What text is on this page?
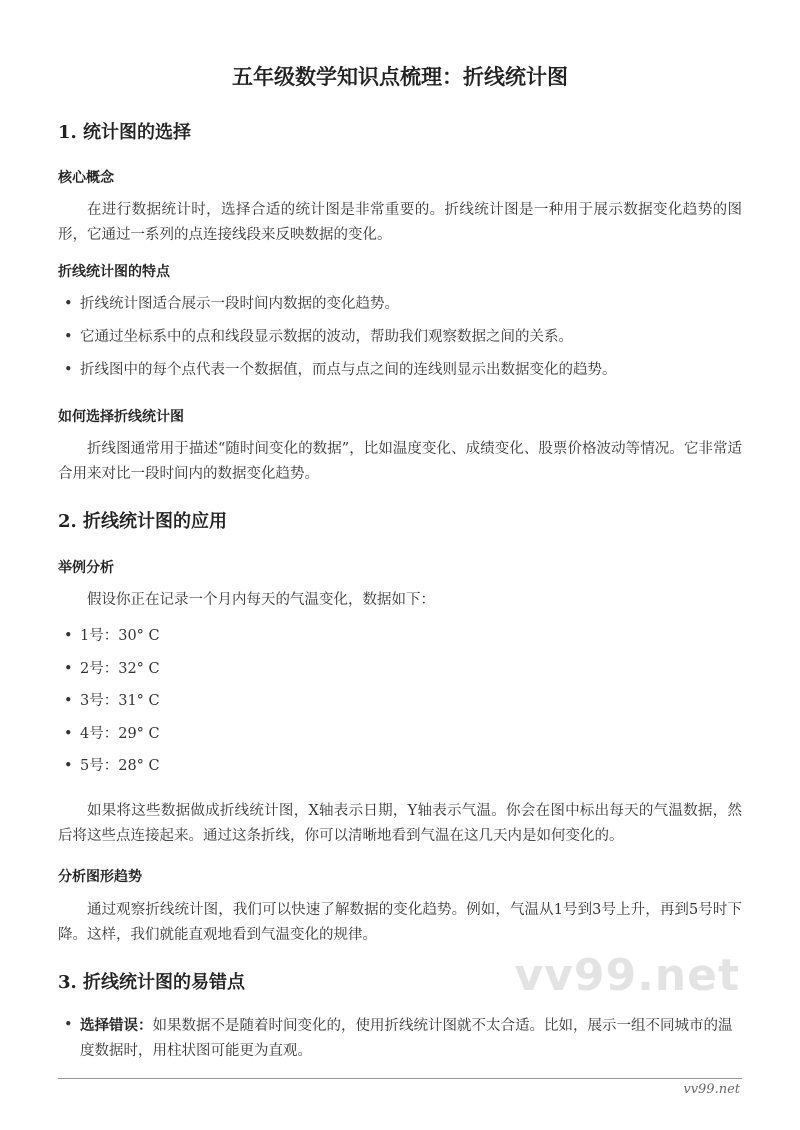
五年级数学知识点梳理：折线统计图
1. 统计图的选择
核心概念
在进行数据统计时，选择合适的统计图是非常重要的。折线统计图是一种用于展示数据变化趋势的图形，它通过一系列的点连接线段来反映数据的变化。
折线统计图的特点
• 折线统计图适合展示一段时间内数据的变化趋势。
• 它通过坐标系中的点和线段显示数据的波动，帮助我们观察数据之间的关系。
• 折线图中的每个点代表一个数据值，而点与点之间的连线则显示出数据变化的趋势。
如何选择折线统计图
折线图通常用于描述“随时间变化的数据”，比如温度变化、成绩变化、股票价格波动等情况。它非常适合用来对比一段时间内的数据变化趋势。
2. 折线统计图的应用
举例分析
假设你正在记录一个月内每天的气温变化，数据如下：
• 1号：30° C
• 2号：32° C
• 3号：31° C
• 4号：29° C
• 5号：28° C
如果将这些数据做成折线统计图，X轴表示日期，Y轴表示气温。你会在图中标出每天的气温数据，然后将这些点连接起来。通过这条折线，你可以清晰地看到气温在这几天内是如何变化的。
分析图形趋势
通过观察折线统计图，我们可以快速了解数据的变化趋势。例如，气温从1号到3号上升，再到5号时下降。这样，我们就能直观地看到气温变化的规律。
3. 折线统计图的易错点
• 选择错误：如果数据不是随着时间变化的，使用折线统计图就不太合适。比如，展示一组不同城市的温度数据时，用柱状图可能更为直观。
vv99.net
vv99.net
